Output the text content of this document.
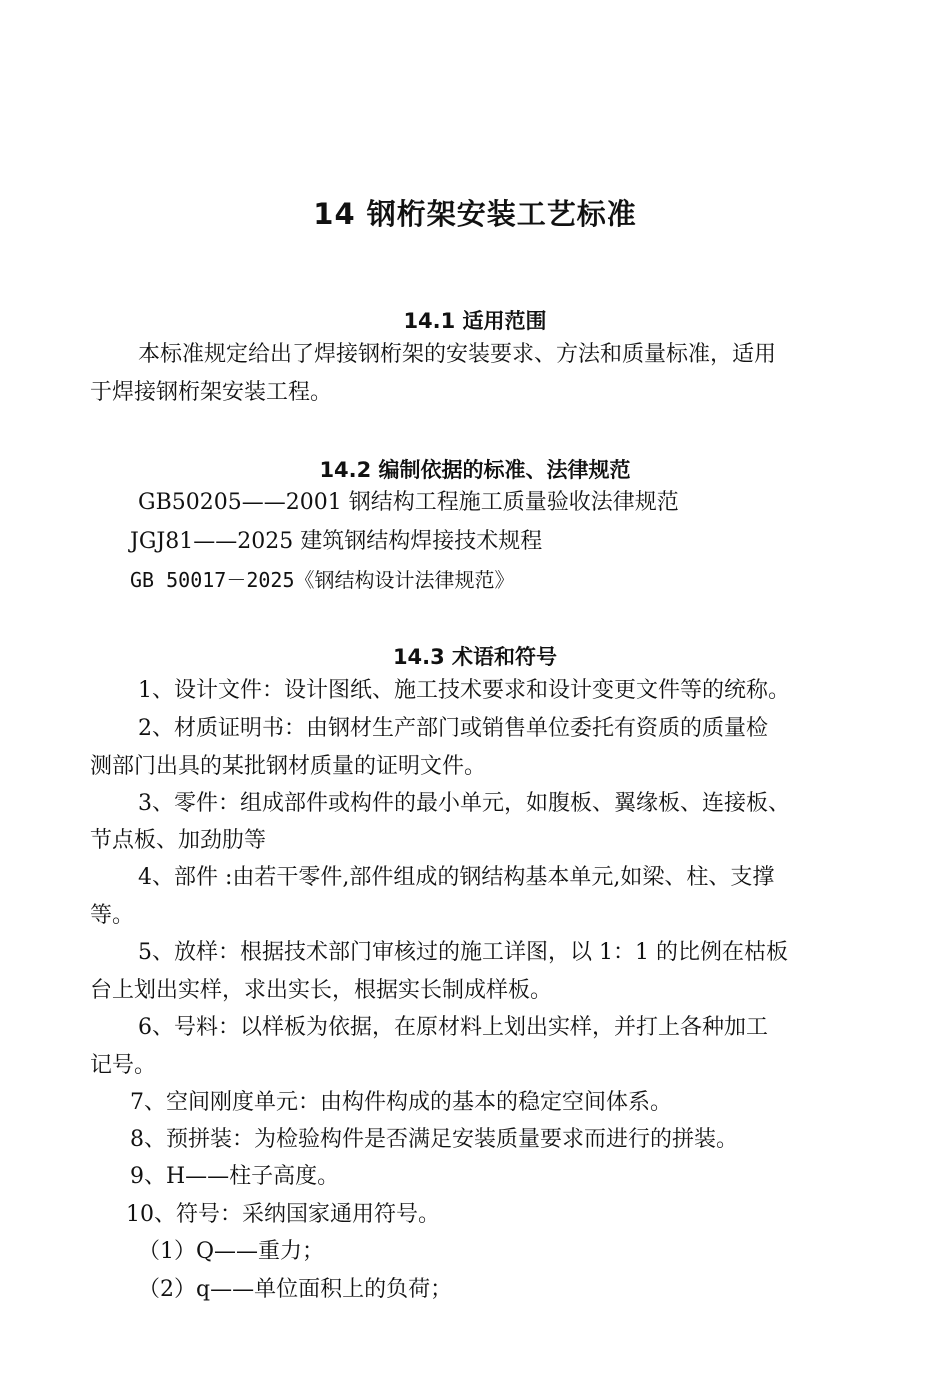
14 钢桁架安装工艺标准
14.1 适用范围
本标准规定给出了焊接钢桁架的安装要求、方法和质量标准，适用
于焊接钢桁架安装工程。
14.2 编制依据的标准、法律规范
GB50205——2001 钢结构工程施工质量验收法律规范
JGJ81——2025 建筑钢结构焊接技术规程
GB 50017－2025《钢结构设计法律规范》
14.3 术语和符号
1、设计文件：设计图纸、施工技术要求和设计变更文件等的统称。
2、材质证明书：由钢材生产部门或销售单位委托有资质的质量检
测部门出具的某批钢材质量的证明文件。
3、零件：组成部件或构件的最小单元，如腹板、翼缘板、连接板、
节点板、加劲肋等
4、部件 :由若干零件,部件组成的钢结构基本单元,如梁、柱、支撑
等。
5、放样：根据技术部门审核过的施工详图，以 1：1 的比例在枯板
台上划出实样，求出实长，根据实长制成样板。
6、号料：以样板为依据，在原材料上划出实样，并打上各种加工
记号。
7、空间刚度单元：由构件构成的基本的稳定空间体系。
8、预拼装：为检验构件是否满足安装质量要求而进行的拼装。
9、H——柱子高度。
10、符号：采纳国家通用符号。
（1）Q——重力；
（2）q——单位面积上的负荷；
